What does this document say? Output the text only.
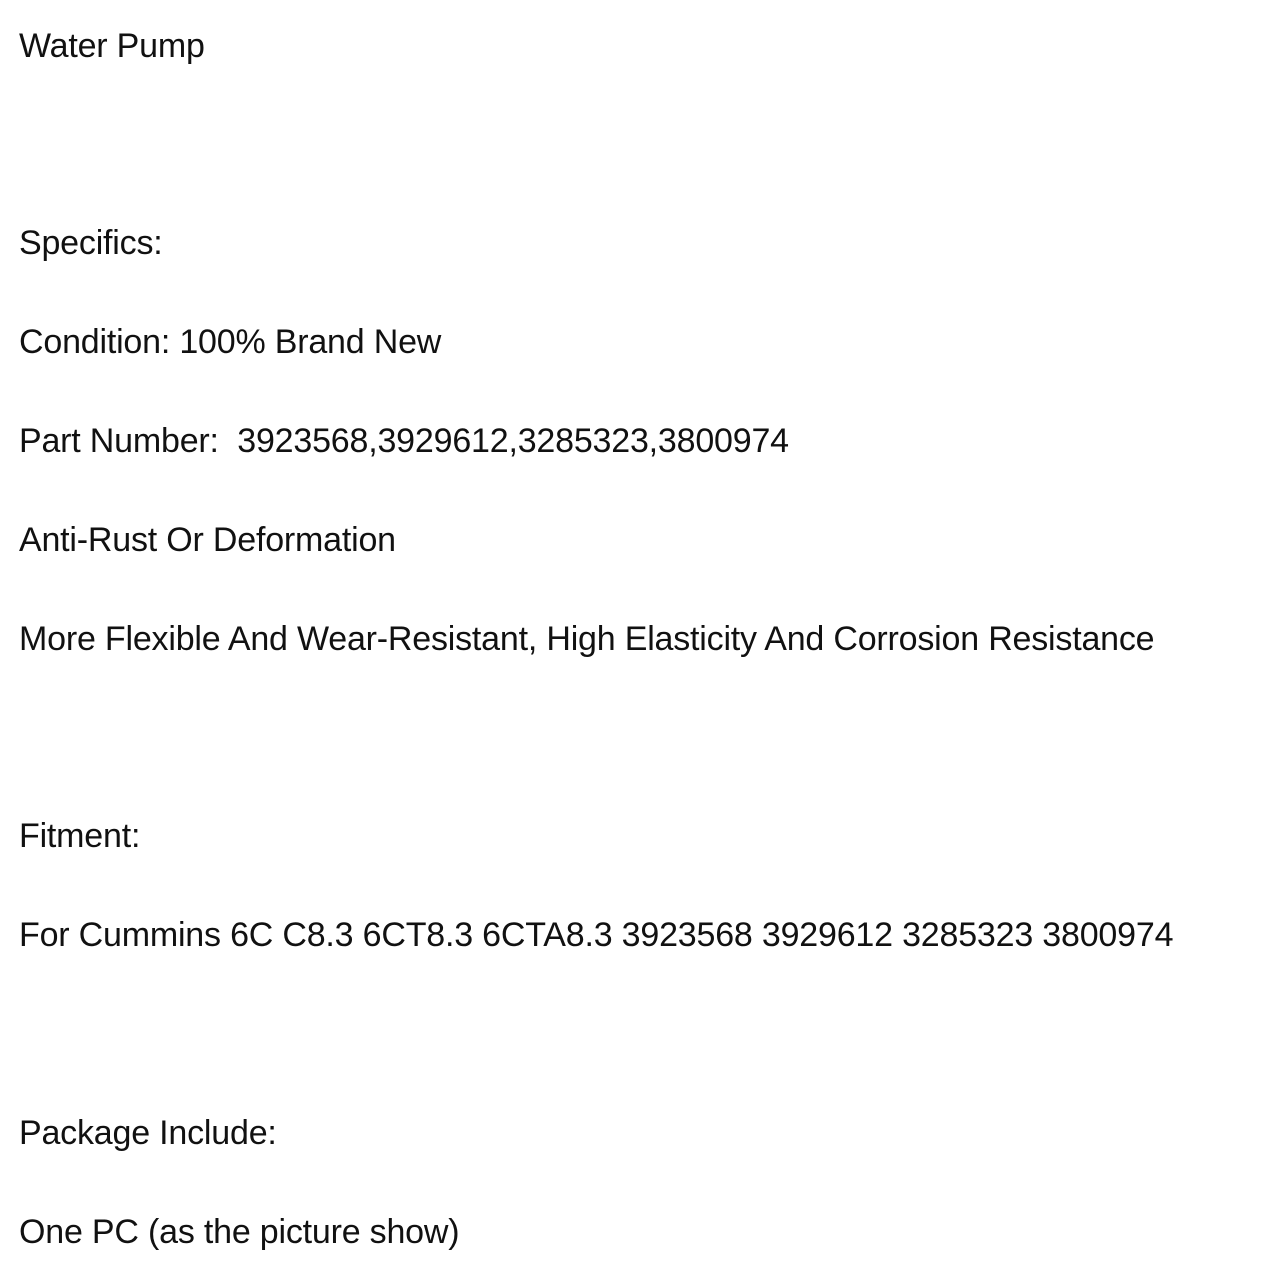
Water Pump
Specifics:
Condition: 100% Brand New
Part Number:  3923568,3929612,3285323,3800974
Anti-Rust Or Deformation
More Flexible And Wear-Resistant, High Elasticity And Corrosion Resistance
Fitment:
For Cummins 6C C8.3 6CT8.3 6CTA8.3 3923568 3929612 3285323 3800974
Package Include:
One PC (as the picture show)
